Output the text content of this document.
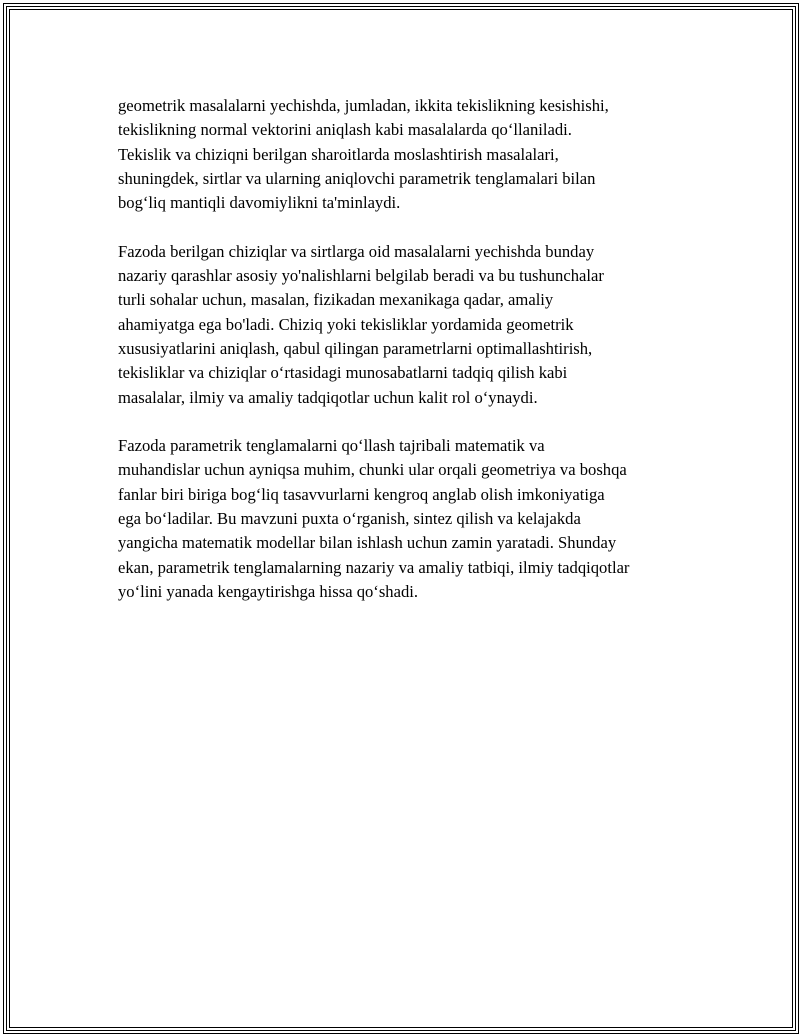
geometrik masalalarni yechishda, jumladan, ikkita tekislikning kesishishi,
tekislikning normal vektorini aniqlash kabi masalalarda qo‘llaniladi.
Tekislik va chiziqni berilgan sharoitlarda moslashtirish masalalari,
shuningdek, sirtlar va ularning aniqlovchi parametrik tenglamalari bilan
bog‘liq mantiqli davomiylikni ta'minlaydi.

Fazoda berilgan chiziqlar va sirtlarga oid masalalarni yechishda bunday
nazariy qarashlar asosiy yo'nalishlarni belgilab beradi va bu tushunchalar
turli sohalar uchun, masalan, fizikadan mexanikaga qadar, amaliy
ahamiyatga ega bo'ladi. Chiziq yoki tekisliklar yordamida geometrik
xususiyatlarini aniqlash, qabul qilingan parametrlarni optimallashtirish,
tekisliklar va chiziqlar o‘rtasidagi munosabatlarni tadqiq qilish kabi
masalalar, ilmiy va amaliy tadqiqotlar uchun kalit rol o‘ynaydi.

Fazoda parametrik tenglamalarni qo‘llash tajribali matematik va
muhandislar uchun ayniqsa muhim, chunki ular orqali geometriya va boshqa
fanlar biri biriga bog‘liq tasavvurlarni kengroq anglab olish imkoniyatiga
ega bo‘ladilar. Bu mavzuni puxta o‘rganish, sintez qilish va kelajakda
yangicha matematik modellar bilan ishlash uchun zamin yaratadi. Shunday
ekan, parametrik tenglamalarning nazariy va amaliy tatbiqi, ilmiy tadqiqotlar
yo‘lini yanada kengaytirishga hissa qo‘shadi.
